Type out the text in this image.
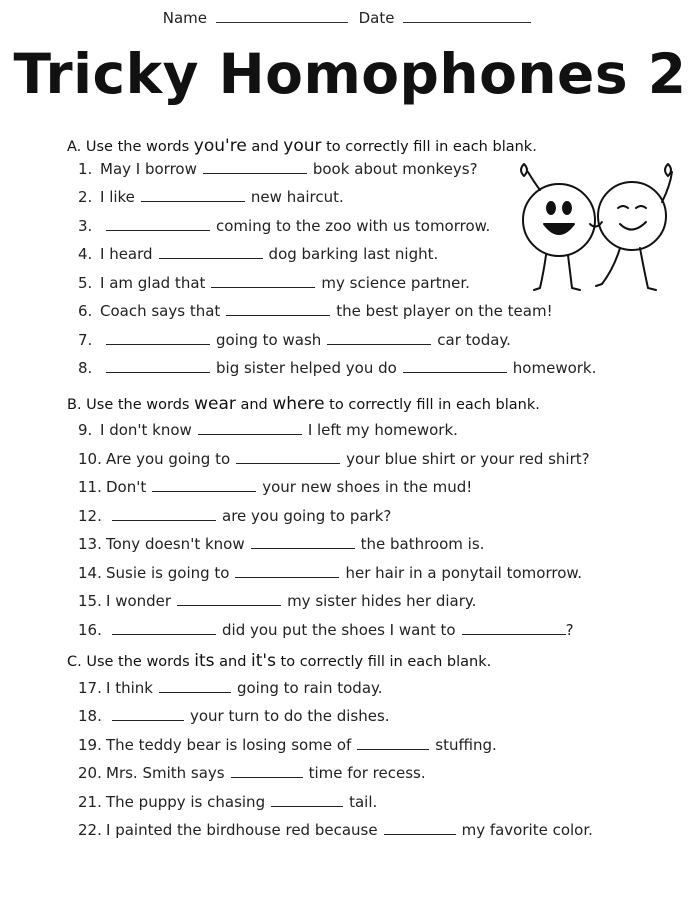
Name	Date
Tricky Homophones 2
A. Use the words you're and your to correctly fill in each blank.
1. May I borrow	book about monkeys?
2. I like	new haircut.
3.	coming to the zoo with us tomorrow.
4. I heard	dog barking last night.
5. I am glad that	my science partner.
6. Coach says that	the best player on the team!
7.	going to wash	car today.
8.	big sister helped you do	homework.
B. Use the words wear and where to correctly fill in each blank.
9. I don't know	I left my homework.
10. Are you going to	your blue shirt or your red shirt?
11. Don't	your new shoes in the mud!
12.	are you going to park?
13. Tony doesn't know	the bathroom is.
14. Susie is going to	her hair in a ponytail tomorrow.
15. I wonder	my sister hides her diary.
16.	did you put the shoes I want to	?
C. Use the words its and it's to correctly fill in each blank.
17. I think	going to rain today.
18.	your turn to do the dishes.
19. The teddy bear is losing some of	stuffing.
20. Mrs. Smith says	time for recess.
21. The puppy is chasing	tail.
22. I painted the birdhouse red because	my favorite color.
